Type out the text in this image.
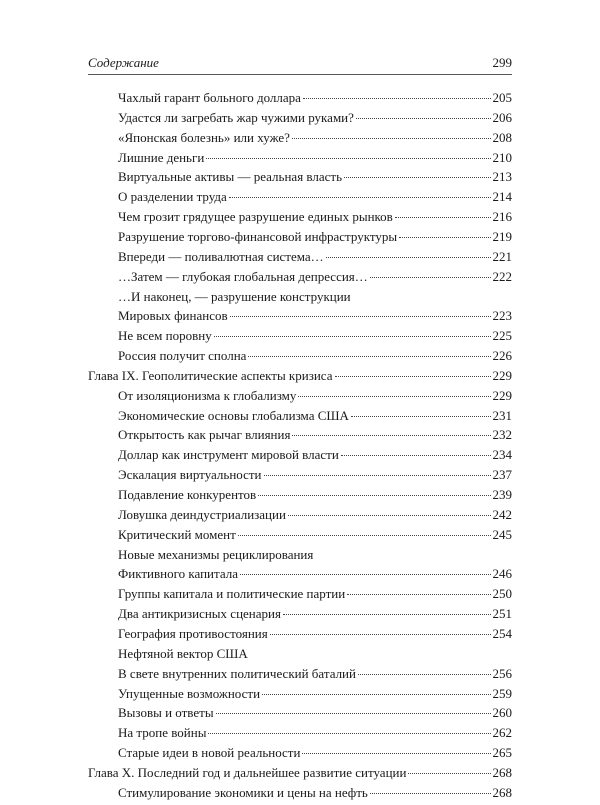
Содержание	299
Чахлый гарант больного доллара	205
Удастся ли загребать жар чужими руками?	206
«Японская болезнь» или хуже?	208
Лишние деньги	210
Виртуальные активы — реальная власть	213
О разделении труда	214
Чем грозит грядущее разрушение единых рынков	216
Разрушение торгово-финансовой инфраструктуры	219
Впереди — поливалютная система…	221
…Затем — глубокая глобальная депрессия…	222
…И наконец, — разрушение конструкции
Мировых финансов	223
Не всем поровну	225
Россия получит сполна	226
Глава IX. Геополитические аспекты кризиса	229
От изоляционизма к глобализму	229
Экономические основы глобализма США	231
Открытость как рычаг влияния	232
Доллар как инструмент мировой власти	234
Эскалация виртуальности	237
Подавление конкурентов	239
Ловушка деиндустриализации	242
Критический момент	245
Новые механизмы рециклирования
Фиктивного капитала	246
Группы капитала и политические партии	250
Два антикризисных сценария	251
География противостояния	254
Нефтяной вектор США
В свете внутренних политический баталий	256
Упущенные возможности	259
Вызовы и ответы	260
На тропе войны	262
Старые идеи в новой реальности	265
Глава X. Последний год и дальнейшее развитие ситуации	268
Стимулирование экономики и цены на нефть	268
